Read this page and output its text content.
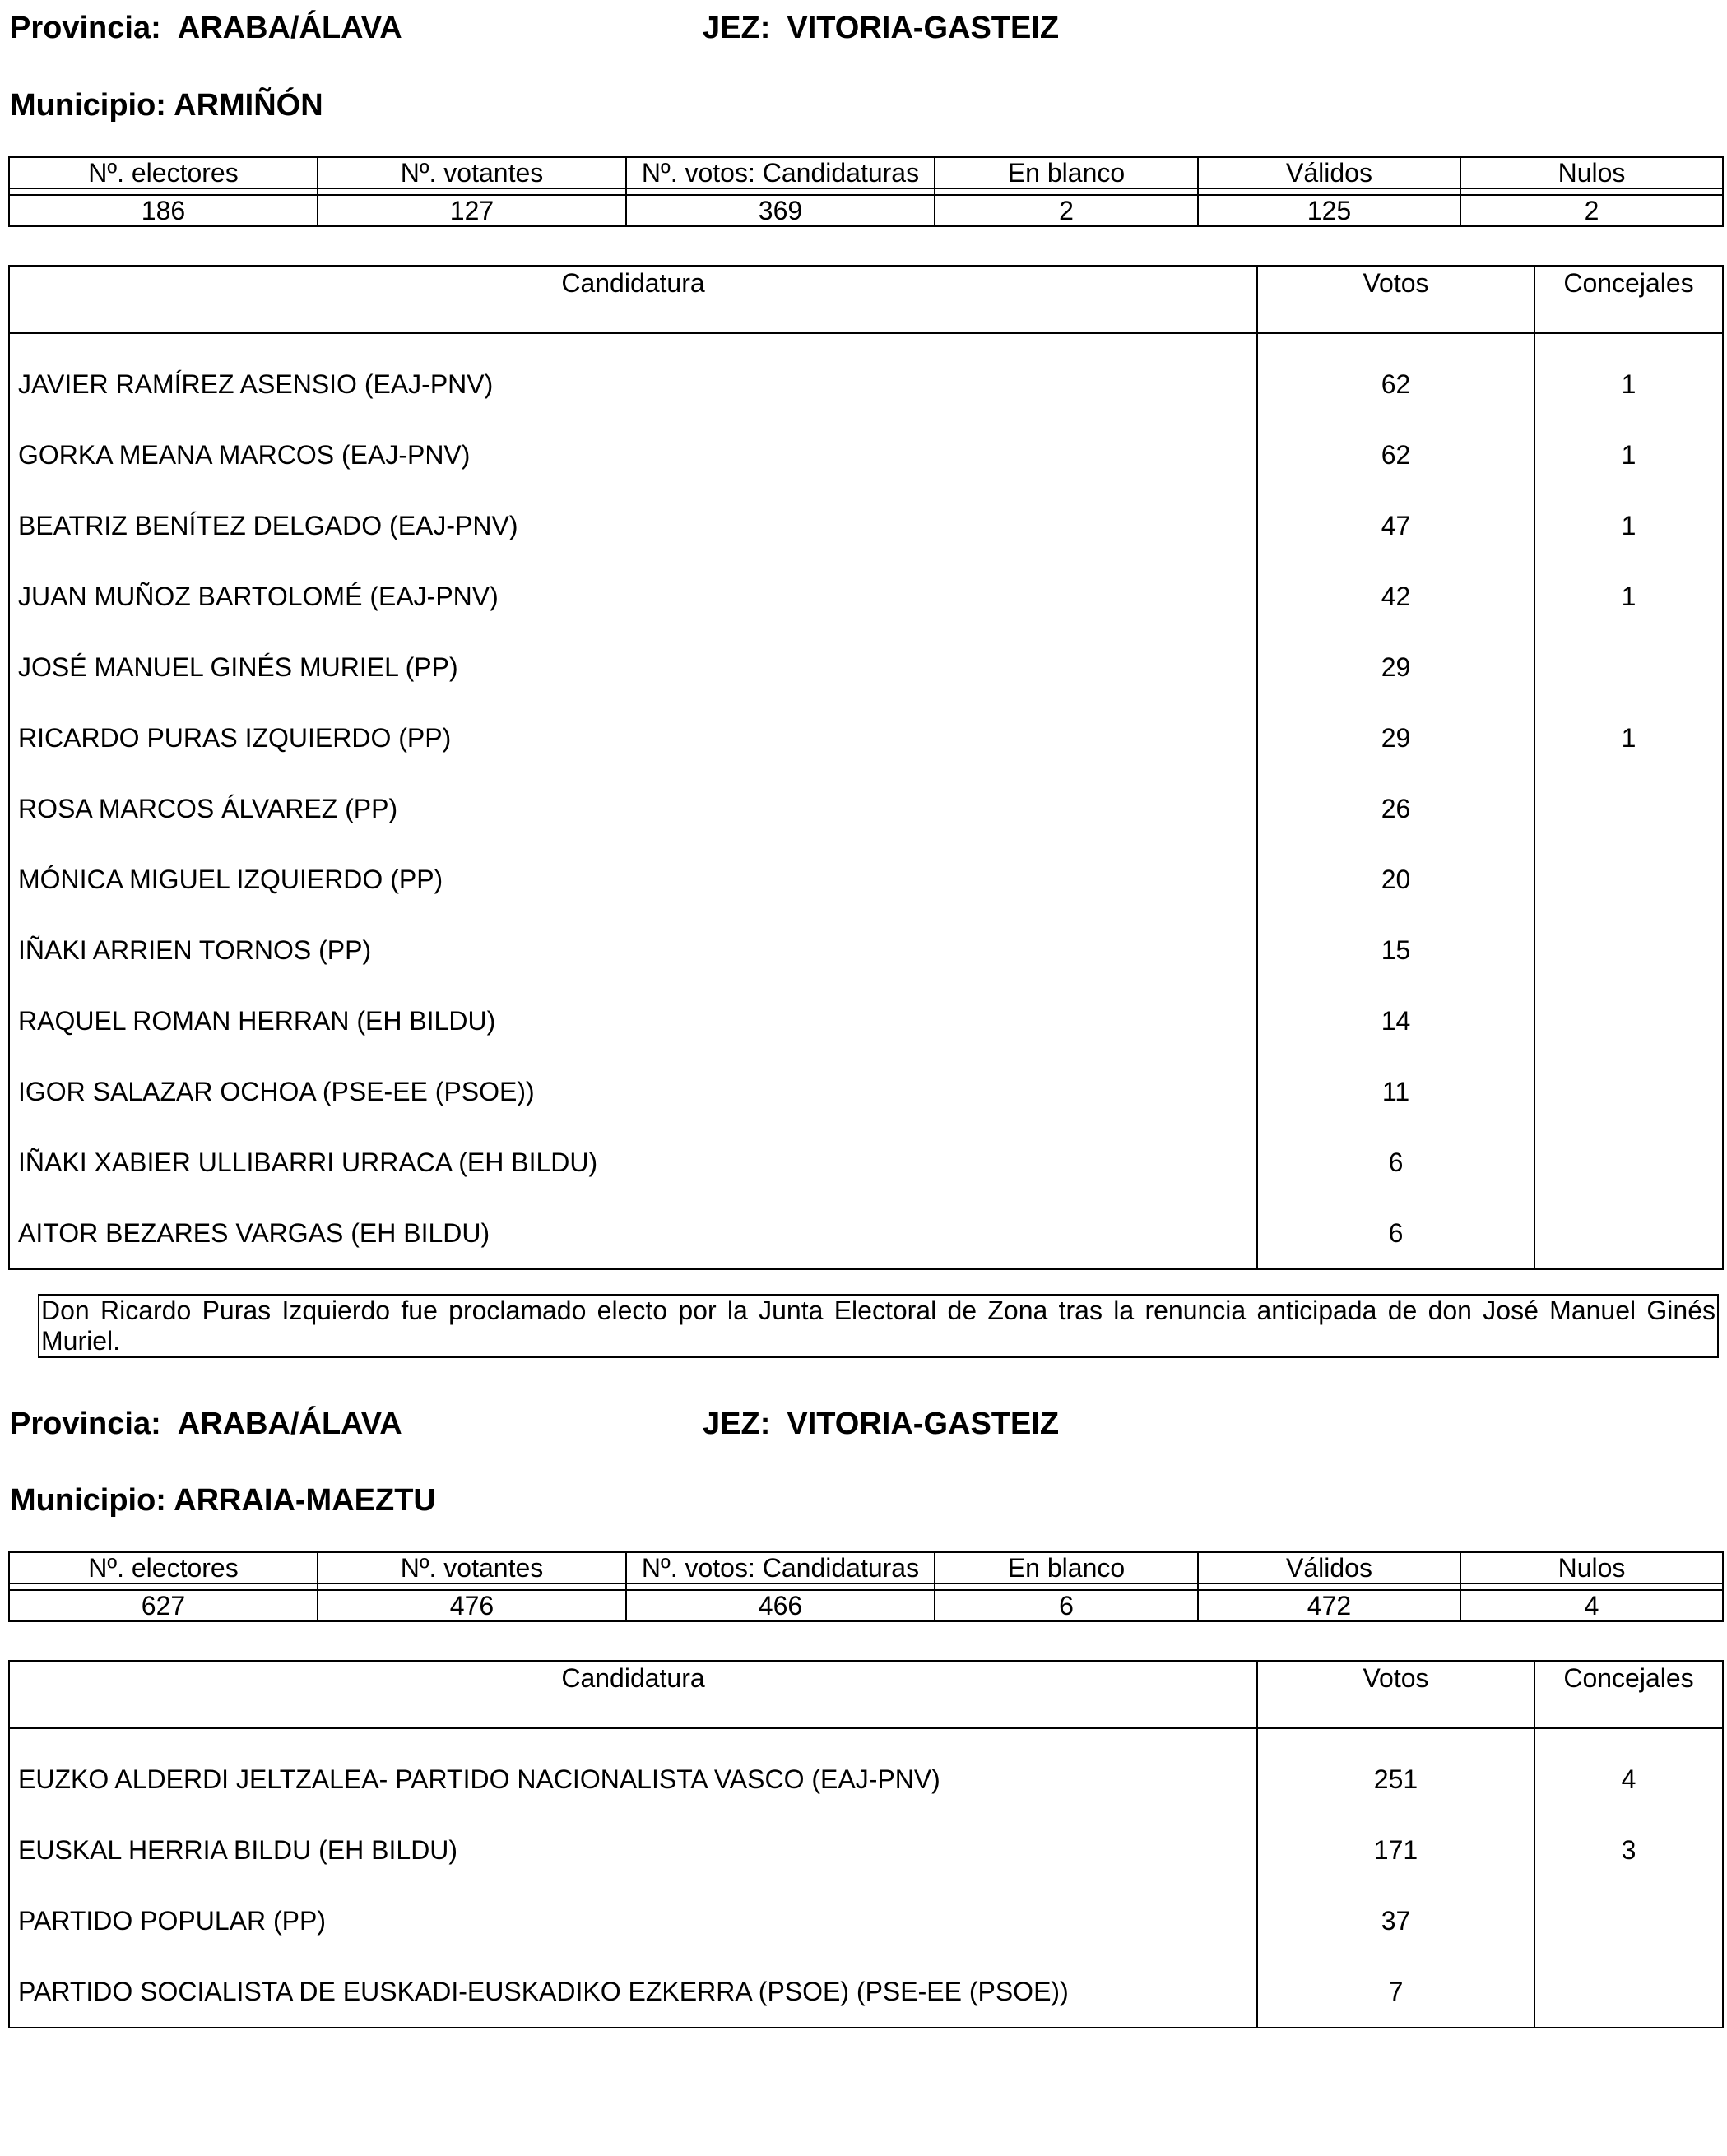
Provincia: ARABA/ÁLAVA	JEZ: VITORIA-GASTEIZ
Municipio: ARMIÑÓN
Nº. electores	Nº. votantes	Nº. votos: Candidaturas	En blanco	Válidos	Nulos

186	127	369	2	125	2
Candidatura	Votos	Concejales

JAVIER RAMÍREZ ASENSIO (EAJ-PNV)	62	1
GORKA MEANA MARCOS (EAJ-PNV)	62	1
BEATRIZ BENÍTEZ DELGADO (EAJ-PNV)	47	1
JUAN MUÑOZ BARTOLOMÉ (EAJ-PNV)	42	1
JOSÉ MANUEL GINÉS MURIEL (PP)	29	
RICARDO PURAS IZQUIERDO (PP)	29	1
ROSA MARCOS ÁLVAREZ (PP)	26	
MÓNICA MIGUEL IZQUIERDO (PP)	20	
IÑAKI ARRIEN TORNOS (PP)	15	
RAQUEL ROMAN HERRAN (EH BILDU)	14	
IGOR SALAZAR OCHOA (PSE-EE (PSOE))	11	
IÑAKI XABIER ULLIBARRI URRACA (EH BILDU)	6	
AITOR BEZARES VARGAS (EH BILDU)	6	
Don Ricardo Puras Izquierdo fue proclamado electo por la Junta Electoral de Zona tras la renuncia anticipada de don José Manuel Ginés Muriel.
Provincia: ARABA/ÁLAVA	JEZ: VITORIA-GASTEIZ
Municipio: ARRAIA-MAEZTU
Nº. electores	Nº. votantes	Nº. votos: Candidaturas	En blanco	Válidos	Nulos

627	476	466	6	472	4
Candidatura	Votos	Concejales

EUZKO ALDERDI JELTZALEA- PARTIDO NACIONALISTA VASCO (EAJ-PNV)	251	4
EUSKAL HERRIA BILDU (EH BILDU)	171	3
PARTIDO POPULAR (PP)	37	
PARTIDO SOCIALISTA DE EUSKADI-EUSKADIKO EZKERRA (PSOE) (PSE-EE (PSOE))	7	
